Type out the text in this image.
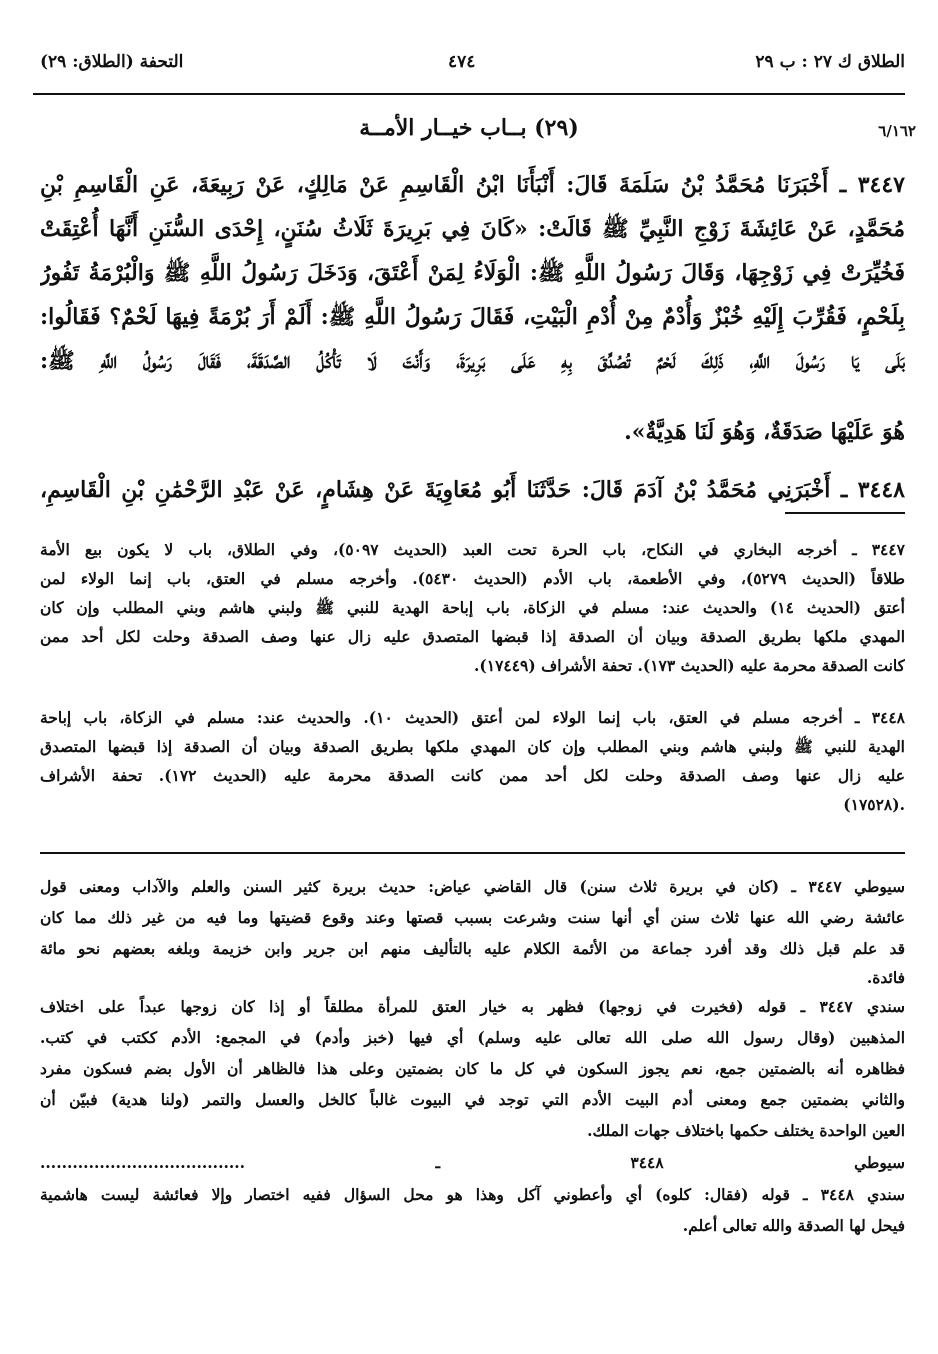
الطلاق ك ٢٧ : ب ٢٩
٤٧٤
التحفة (الطلاق: ٢٩)
(٢٩) بــاب خيــار الأمــة	٦/١٦٢
٣٤٤٧ ـ أَخْبَرَنَا مُحَمَّدُ بْنُ سَلَمَةَ قَالَ: أَنْبَأَنَا ابْنُ الْقَاسِمِ عَنْ مَالِكٍ، عَنْ رَبِيعَةَ، عَنِ الْقَاسِمِ بْنِ
مُحَمَّدٍ، عَنْ عَائِشَةَ زَوْجِ النَّبِيِّ ﷺ قَالَتْ: «كَانَ فِي بَرِيرَةَ ثَلَاثُ سُنَنٍ، إِحْدَى السُّنَنِ أَنَّهَا أُعْتِقَتْ
فَخُيِّرَتْ فِي زَوْجِهَا، وَقَالَ رَسُولُ اللَّهِ ﷺ: الْوَلَاءُ لِمَنْ أَعْتَقَ، وَدَخَلَ رَسُولُ اللَّهِ ﷺ وَالْبُرْمَةُ تَفُورُ
بِلَحْمٍ، فَقُرِّبَ إِلَيْهِ خُبْزٌ وَأُدْمٌ مِنْ أُدْمِ الْبَيْتِ، فَقَالَ رَسُولُ اللَّهِ ﷺ: أَلَمْ أَرَ بُرْمَةً فِيهَا لَحْمٌ؟ فَقَالُوا:
بَلَى يَا رَسُولَ اللَّهِ، ذَلِكَ لَحْمٌ تُصُدِّقَ بِهِ عَلَى بَرِيرَةَ، وَأَنْتَ لَا تَأْكُلُ الصَّدَقَةَ، فَقَالَ رَسُولُ اللَّهِ ﷺ:
هُوَ عَلَيْهَا صَدَقَةٌ، وَهُوَ لَنَا هَدِيَّةٌ».
٣٤٤٨ ـ أَخْبَرَنِي مُحَمَّدُ بْنُ آدَمَ قَالَ: حَدَّثَنَا أَبُو مُعَاوِيَةَ عَنْ هِشَامٍ، عَنْ عَبْدِ الرَّحْمَٰنِ بْنِ الْقَاسِمِ،
٣٤٤٧ ـ أخرجه البخاري في النكاح، باب الحرة تحت العبد (الحديث ٥٠٩٧)، وفي الطلاق، باب لا يكون بيع الأمة
طلاقاً (الحديث ٥٢٧٩)، وفي الأطعمة، باب الأدم (الحديث ٥٤٣٠). وأخرجه مسلم في العتق، باب إنما الولاء لمن
أعتق (الحديث ١٤) والحديث عند: مسلم في الزكاة، باب إباحة الهدية للنبي ﷺ ولبني هاشم وبني المطلب وإن كان
المهدي ملكها بطريق الصدقة وبيان أن الصدقة إذا قبضها المتصدق عليه زال عنها وصف الصدقة وحلت لكل أحد ممن
كانت الصدقة محرمة عليه (الحديث ١٧٣). تحفة الأشراف (١٧٤٤٩).
٣٤٤٨ ـ أخرجه مسلم في العتق، باب إنما الولاء لمن أعتق (الحديث ١٠). والحديث عند: مسلم في الزكاة، باب إباحة
الهدية للنبي ﷺ ولبني هاشم وبني المطلب وإن كان المهدي ملكها بطريق الصدقة وبيان أن الصدقة إذا قبضها المتصدق
عليه زال عنها وصف الصدقة وحلت لكل أحد ممن كانت الصدقة محرمة عليه (الحديث ١٧٢). تحفة الأشراف
(١٧٥٢٨).
سيوطي ٣٤٤٧ ـ (كان في بريرة ثلاث سنن) قال القاضي عياض: حديث بريرة كثير السنن والعلم والآداب ومعنى قول
عائشة رضي الله عنها ثلاث سنن أي أنها سنت وشرعت بسبب قصتها وعند وقوع قضيتها وما فيه من غير ذلك مما كان
قد علم قبل ذلك وقد أفرد جماعة من الأئمة الكلام عليه بالتأليف منهم ابن جرير وابن خزيمة وبلغه بعضهم نحو مائة
فائدة.
سندي ٣٤٤٧ ـ قوله (فخيرت في زوجها) فظهر به خيار العتق للمرأة مطلقاً أو إذا كان زوجها عبداً على اختلاف
المذهبين (وقال رسول الله صلى الله تعالى عليه وسلم) أي فيها (خبز وأدم) في المجمع: الأدم ككتب في كتب.
فظاهره أنه بالضمتين جمع، نعم يجوز السكون في كل ما كان بضمتين وعلى هذا فالظاهر أن الأول بضم فسكون مفرد
والثاني بضمتين جمع ومعنى أدم البيت الأدم التي توجد في البيوت غالباً كالخل والعسل والتمر (ولنا هدية) فبيّن أن
العين الواحدة يختلف حكمها باختلاف جهات الملك.
سيوطي ٣٤٤٨ ـ ......................................
سندي ٣٤٤٨ ـ قوله (فقال: كلوه) أي وأعطوني آكل وهذا هو محل السؤال ففيه اختصار وإلا فعائشة ليست هاشمية
فيحل لها الصدقة والله تعالى أعلم.
